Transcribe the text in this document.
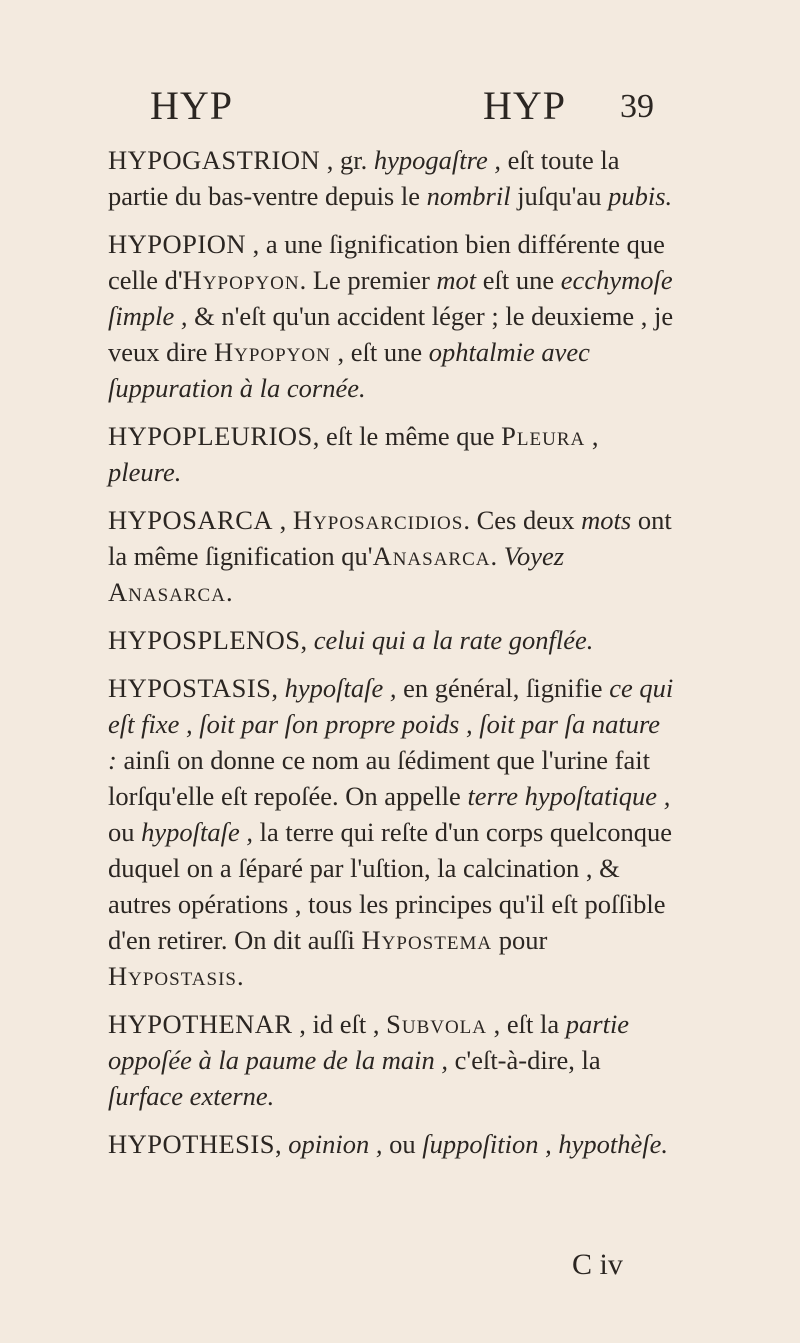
HYP	HYP 39

HYPOGASTRION , gr. hypogaſtre , eſt toute la partie du bas-ventre depuis le nombril juſqu'au pubis.

HYPOPION , a une ſignification bien différente que celle d'Hypopyon. Le premier mot eſt une ecchymoſe ſimple , & n'eſt qu'un accident léger ; le deuxieme , je veux dire Hypopyon , eſt une ophtalmie avec ſuppuration à la cornée.

HYPOPLEURIOS, eſt le même que Pleura , pleure.

HYPOSARCA , Hyposarcidios. Ces deux mots ont la même ſignification qu'Anasarca. Voyez Anasarca.

HYPOSPLENOS, celui qui a la rate gonflée.

HYPOSTASIS, hypoſtaſe , en général, ſignifie ce qui eſt fixe , ſoit par ſon propre poids , ſoit par ſa nature : ainſi on donne ce nom au ſédiment que l'urine fait lorſqu'elle eſt repoſée. On appelle terre hypoſtatique , ou hypoſtaſe , la terre qui reſte d'un corps quelconque duquel on a ſéparé par l'uſtion, la calcination , & autres opérations , tous les principes qu'il eſt poſſible d'en retirer. On dit auſſi Hypostema pour Hypostasis.

HYPOTHENAR , id eſt , Subvola , eſt la partie oppoſée à la paume de la main , c'eſt-à-dire, la ſurface externe.

HYPOTHESIS, opinion , ou ſuppoſition , hypothèſe.

C iv
